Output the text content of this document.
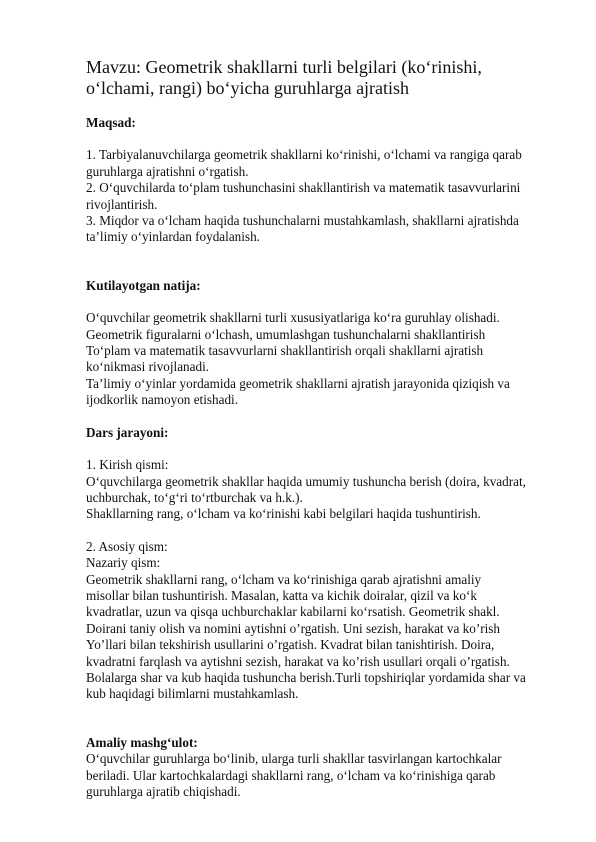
Mavzu: Geometrik shakllarni turli belgilari (koʻrinishi,
oʻlchami, rangi) boʻyicha guruhlarga ajratish

Maqsad:

1. Tarbiyalanuvchilarga geometrik shakllarni koʻrinishi, oʻlchami va rangiga qarab
guruhlarga ajratishni oʻrgatish.
2. Oʻquvchilarda toʻplam tushunchasini shakllantirish va matematik tasavvurlarini
rivojlantirish.
3. Miqdor va oʻlcham haqida tushunchalarni mustahkamlash, shakllarni ajratishda
ta’limiy oʻyinlardan foydalanish.

Kutilayotgan natija:

Oʻquvchilar geometrik shakllarni turli xususiyatlariga koʻra guruhlay olishadi.
Geometrik figuralarni oʻlchash, umumlashgan tushunchalarni shakllantirish
Toʻplam va matematik tasavvurlarni shakllantirish orqali shakllarni ajratish
koʻnikmasi rivojlanadi.
Ta’limiy oʻyinlar yordamida geometrik shakllarni ajratish jarayonida qiziqish va
ijodkorlik namoyon etishadi.

Dars jarayoni:

1. Kirish qismi:
Oʻquvchilarga geometrik shakllar haqida umumiy tushuncha berish (doira, kvadrat,
uchburchak, toʻgʻri toʻrtburchak va h.k.).
Shakllarning rang, oʻlcham va koʻrinishi kabi belgilari haqida tushuntirish.
2. Asosiy qism:
Nazariy qism:
Geometrik shakllarni rang, oʻlcham va koʻrinishiga qarab ajratishni amaliy
misollar bilan tushuntirish. Masalan, katta va kichik doiralar, qizil va koʻk
kvadratlar, uzun va qisqa uchburchaklar kabilarni koʻrsatish. Geometrik shakl.
Doirani taniy olish va nomini aytishni o’rgatish. Uni sezish, harakat va ko’rish
Yo’llari bilan tekshirish usullarini o’rgatish. Kvadrat bilan tanishtirish. Doira,
kvadratni farqlash va aytishni sezish, harakat va ko’rish usullari orqali o’rgatish.
Bolalarga shar va kub haqida tushuncha berish.Turli topshiriqlar yordamida shar va
kub haqidagi bilimlarni mustahkamlash.

Amaliy mashgʻulot:

Oʻquvchilar guruhlarga boʻlinib, ularga turli shakllar tasvirlangan kartochkalar
beriladi. Ular kartochkalardagi shakllarni rang, oʻlcham va koʻrinishiga qarab
guruhlarga ajratib chiqishadi.
